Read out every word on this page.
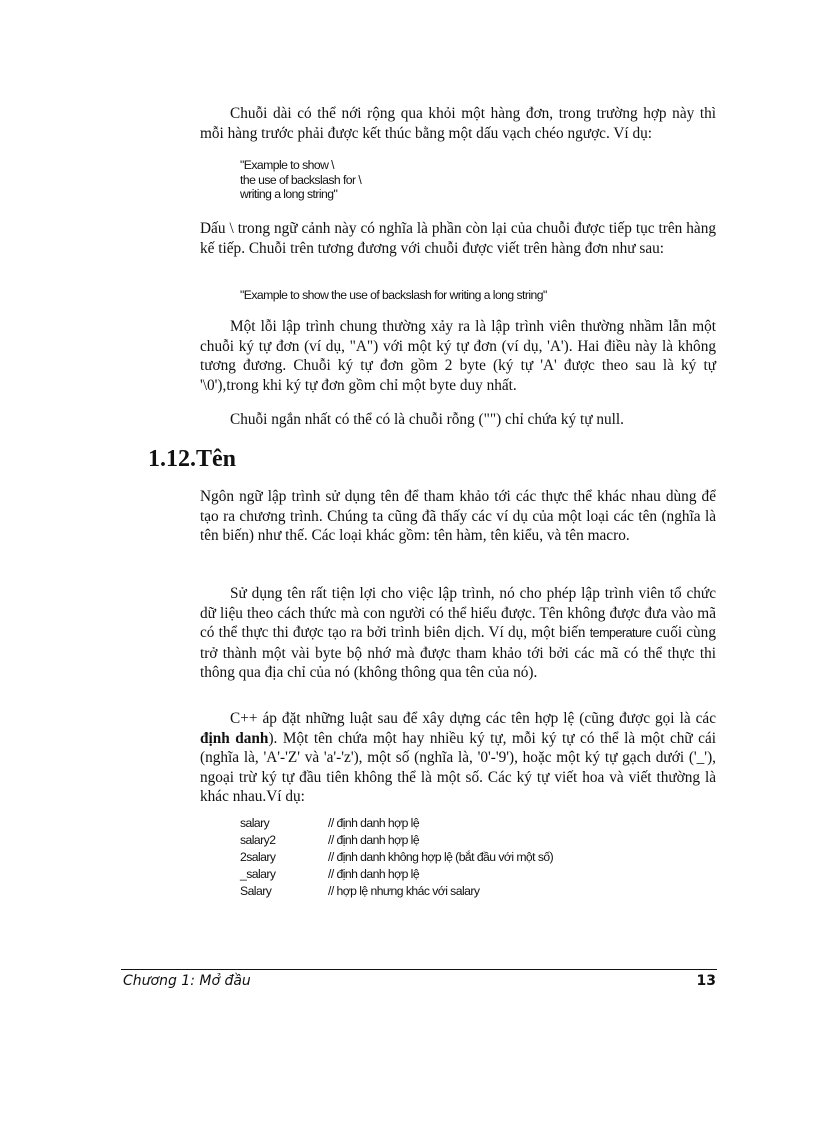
Chuỗi dài có thể nới rộng qua khỏi một hàng đơn, trong trường hợp này thì mỗi hàng trước phải được kết thúc bằng một dấu vạch chéo ngược. Ví dụ:
"Example to show \
the use of backslash for \
writing a long string"
Dấu \ trong ngữ cảnh này có nghĩa là phần còn lại của chuỗi được tiếp tục trên hàng kế tiếp. Chuỗi trên tương đương với chuỗi được viết trên hàng đơn như sau:
"Example to show the use of backslash for writing a long string"
Một lỗi lập trình chung thường xảy ra là lập trình viên thường nhầm lẫn một chuỗi ký tự đơn (ví dụ, "A") với một ký tự đơn (ví dụ, 'A'). Hai điều này là không tương đương. Chuỗi ký tự đơn gồm 2 byte (ký tự 'A' được theo sau là ký tự '\0'),trong khi ký tự đơn gồm chỉ một byte duy nhất.
Chuỗi ngắn nhất có thể có là chuỗi rỗng ("") chỉ chứa ký tự null.
1.12.Tên
Ngôn ngữ lập trình sử dụng tên để tham khảo tới các thực thể khác nhau dùng để tạo ra chương trình. Chúng ta cũng đã thấy các ví dụ của một loại các tên (nghĩa là tên biến) như thế. Các loại khác gồm: tên hàm, tên kiểu, và tên macro.
Sử dụng tên rất tiện lợi cho việc lập trình, nó cho phép lập trình viên tổ chức dữ liệu theo cách thức mà con người có thể hiểu được. Tên không được đưa vào mã có thể thực thi được tạo ra bởi trình biên dịch. Ví dụ, một biến temperature cuối cùng trở thành một vài byte bộ nhớ mà được tham khảo tới bởi các mã có thể thực thi thông qua địa chỉ của nó (không thông qua tên của nó).
C++ áp đặt những luật sau để xây dựng các tên hợp lệ (cũng được gọi là các định danh). Một tên chứa một hay nhiều ký tự, mỗi ký tự có thể là một chữ cái (nghĩa là, 'A'-'Z' và 'a'-'z'), một số (nghĩa là, '0'-'9'), hoặc một ký tự gạch dưới ('_'), ngoại trừ ký tự đầu tiên không thể là một số. Các ký tự viết hoa và viết thường là khác nhau.Ví dụ:
salary	// định danh hợp lệ
salary2	// định danh hợp lệ
2salary	// định danh không hợp lệ (bắt đầu với một số)
_salary	// định danh hợp lệ
Salary	// hợp lệ nhưng khác với salary
Chương 1: Mở đầu	13
